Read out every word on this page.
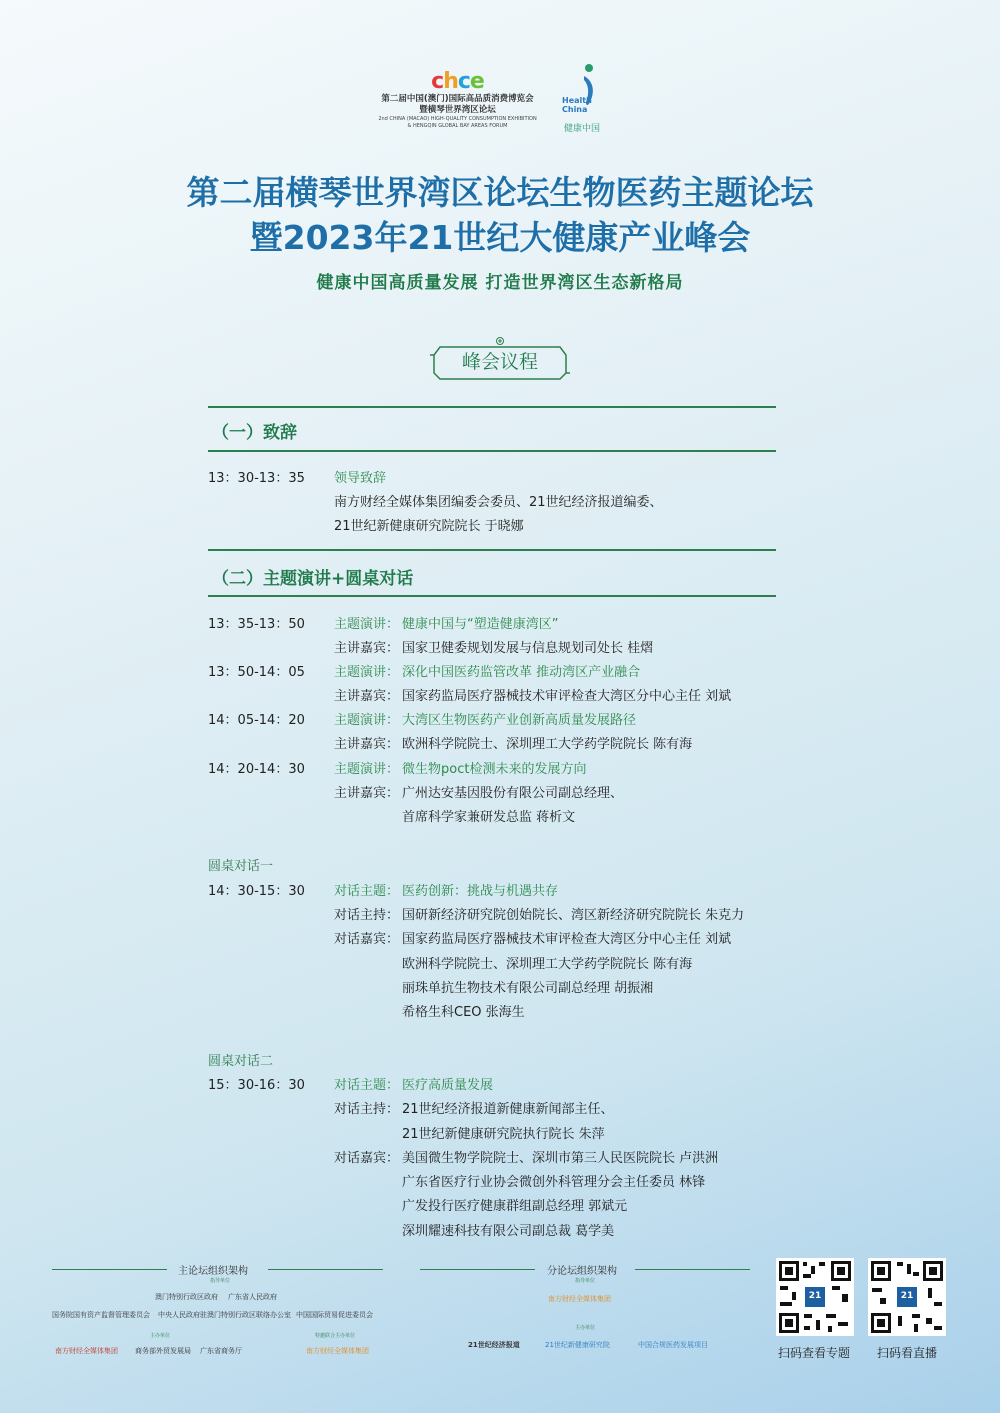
chce
第二届中国(澳门)国际高品质消费博览会
暨横琴世界湾区论坛
2nd CHINA (MACAO) HIGH-QUALITY CONSUMPTION EXHIBITION
& HENGQIN GLOBAL BAY AREAS FORUM
Health
China
健康中国
第二届横琴世界湾区论坛生物医药主题论坛
暨2023年21世纪大健康产业峰会
健康中国高质量发展 打造世界湾区生态新格局
峰会议程
（一）致辞
13：30-13：35 领导致辞
南方财经全媒体集团编委会委员、21世纪经济报道编委、
21世纪新健康研究院院长 于晓娜
（二）主题演讲+圆桌对话
13：35-13：50 主题演讲： 健康中国与“塑造健康湾区”
主讲嘉宾： 国家卫健委规划发展与信息规划司处长 桂熠
13：50-14：05 主题演讲： 深化中国医药监管改革 推动湾区产业融合
主讲嘉宾： 国家药监局医疗器械技术审评检查大湾区分中心主任 刘斌
14：05-14：20 主题演讲： 大湾区生物医药产业创新高质量发展路径
主讲嘉宾： 欧洲科学院院士、深圳理工大学药学院院长 陈有海
14：20-14：30 主题演讲： 微生物poct检测未来的发展方向
主讲嘉宾： 广州达安基因股份有限公司副总经理、
首席科学家兼研发总监 蒋析文
圆桌对话一
14：30-15：30 对话主题： 医药创新：挑战与机遇共存
对话主持： 国研新经济研究院创始院长、湾区新经济研究院院长 朱克力
对话嘉宾： 国家药监局医疗器械技术审评检查大湾区分中心主任 刘斌
欧洲科学院院士、深圳理工大学药学院院长 陈有海
丽珠单抗生物技术有限公司副总经理 胡振湘
希格生科CEO 张海生
圆桌对话二
15：30-16：30 对话主题： 医疗高质量发展
对话主持： 21世纪经济报道新健康新闻部主任、
21世纪新健康研究院执行院长 朱萍
对话嘉宾： 美国微生物学院院士、深圳市第三人民医院院长 卢洪洲
广东省医疗行业协会微创外科管理分会主任委员 林锋
广发投行医疗健康群组副总经理 郭斌元
深圳耀速科技有限公司副总裁 葛学美
主论坛组织架构
指导单位
澳门特别行政区政府 广东省人民政府
国务院国有资产监督管理委员会 中央人民政府驻澳门特别行政区联络办公室 中国国际贸易促进委员会
主办单位	特邀联合主办单位
南方财经全媒体集团 商务部外贸发展局 广东省商务厅	南方财经全媒体集团
分论坛组织架构
指导单位
南方财经全媒体集团
主办单位
21世纪经济报道	21世纪新健康研究院	中国合规医药发展项目
21
扫码查看专题
21
扫码看直播
